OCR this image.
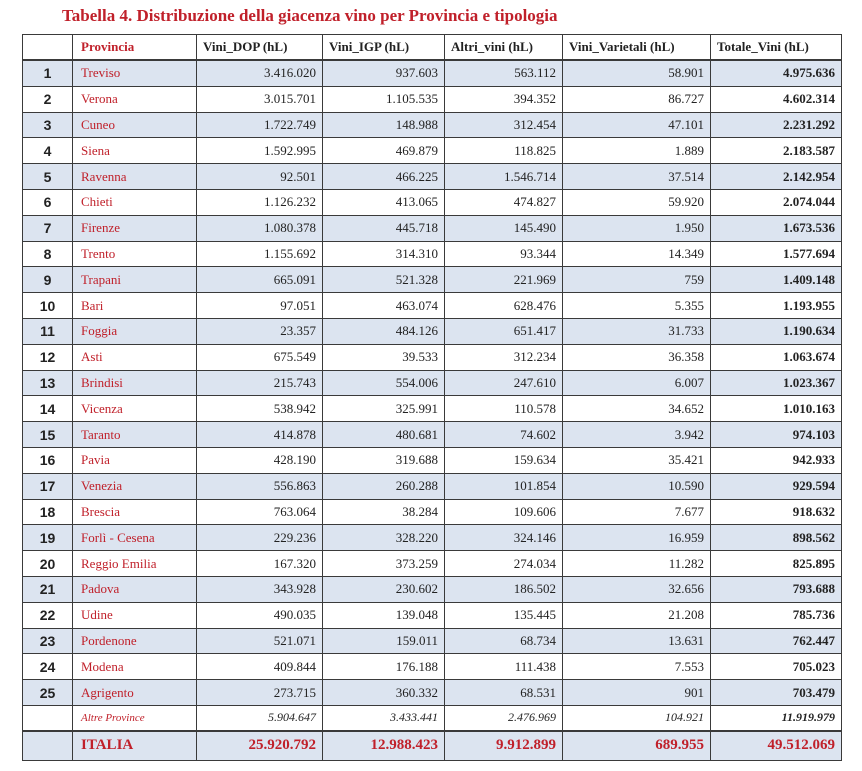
Tabella 4. Distribuzione della giacenza vino per Provincia e tipologia
	Provincia	Vini_DOP (hL)	Vini_IGP (hL)	Altri_vini (hL)	Vini_Varietali (hL)	Totale_Vini (hL)
1	Treviso	3.416.020	937.603	563.112	58.901	4.975.636
2	Verona	3.015.701	1.105.535	394.352	86.727	4.602.314
3	Cuneo	1.722.749	148.988	312.454	47.101	2.231.292
4	Siena	1.592.995	469.879	118.825	1.889	2.183.587
5	Ravenna	92.501	466.225	1.546.714	37.514	2.142.954
6	Chieti	1.126.232	413.065	474.827	59.920	2.074.044
7	Firenze	1.080.378	445.718	145.490	1.950	1.673.536
8	Trento	1.155.692	314.310	93.344	14.349	1.577.694
9	Trapani	665.091	521.328	221.969	759	1.409.148
10	Bari	97.051	463.074	628.476	5.355	1.193.955
11	Foggia	23.357	484.126	651.417	31.733	1.190.634
12	Asti	675.549	39.533	312.234	36.358	1.063.674
13	Brindisi	215.743	554.006	247.610	6.007	1.023.367
14	Vicenza	538.942	325.991	110.578	34.652	1.010.163
15	Taranto	414.878	480.681	74.602	3.942	974.103
16	Pavia	428.190	319.688	159.634	35.421	942.933
17	Venezia	556.863	260.288	101.854	10.590	929.594
18	Brescia	763.064	38.284	109.606	7.677	918.632
19	Forlì - Cesena	229.236	328.220	324.146	16.959	898.562
20	Reggio Emilia	167.320	373.259	274.034	11.282	825.895
21	Padova	343.928	230.602	186.502	32.656	793.688
22	Udine	490.035	139.048	135.445	21.208	785.736
23	Pordenone	521.071	159.011	68.734	13.631	762.447
24	Modena	409.844	176.188	111.438	7.553	705.023
25	Agrigento	273.715	360.332	68.531	901	703.479
	Altre Province	5.904.647	3.433.441	2.476.969	104.921	11.919.979
	ITALIA	25.920.792	12.988.423	9.912.899	689.955	49.512.069
